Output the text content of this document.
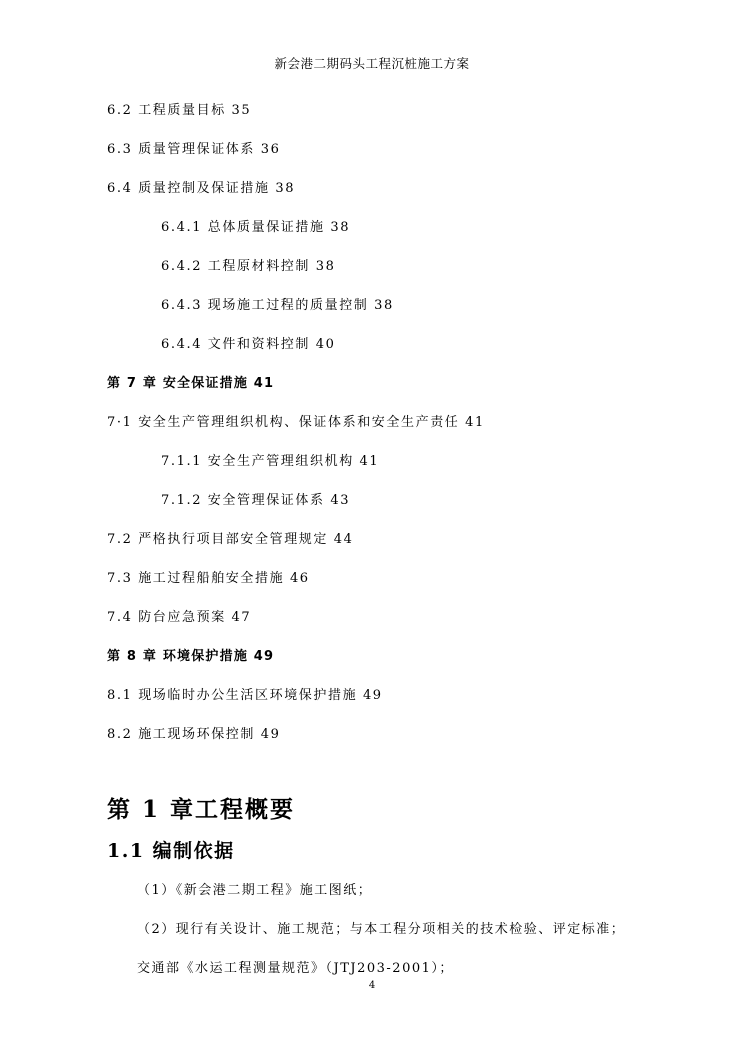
新会港二期码头工程沉桩施工方案
6.2 工程质量目标 35
6.3 质量管理保证体系 36
6.4 质量控制及保证措施 38
6.4.1 总体质量保证措施 38
6.4.2 工程原材料控制 38
6.4.3 现场施工过程的质量控制 38
6.4.4 文件和资料控制 40
第 7 章 安全保证措施 41
7·1 安全生产管理组织机构、保证体系和安全生产责任 41
7.1.1 安全生产管理组织机构 41
7.1.2 安全管理保证体系 43
7.2 严格执行项目部安全管理规定 44
7.3 施工过程船舶安全措施 46
7.4 防台应急预案 47
第 8 章 环境保护措施 49
8.1 现场临时办公生活区环境保护措施 49
8.2 施工现场环保控制 49
第 1 章工程概要
1.1 编制依据
（1）《新会港二期工程》施工图纸；
（2）现行有关设计、施工规范；与本工程分项相关的技术检验、评定标准；
交通部《水运工程测量规范》（JTJ203-2001）；
4
